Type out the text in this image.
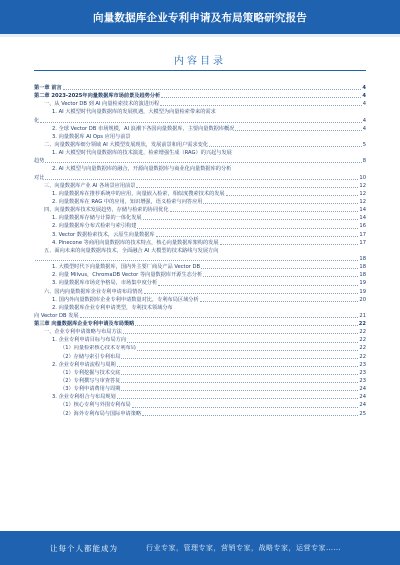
向量数据库企业专利申请及布局策略研究报告
内容目录
第一章 前言	4
第二章 2023-2025年向量数据库市场前景及趋势分析	4
一、从 Vector DB 到 AI 向量检索技术的演进历程	4
1. AI 大模型时代向量数据库的发展机遇，大模型为向量检索带来的需求
化	4
2. 全球 Vector DB 市场规模，AI 浪潮下各国向量数据库，主要向量数据库概况	4
3. 向量数据库 AI Ops 应用与前景
二、向量数据库细分领域 AI 大模型发展现状，发展前景和用户需求变化	5
1. AI 大模型时代向量数据库的技术演进，检索增强生成（RAG）的兴起与发展
趋势	8
2. AI 大模型与向量数据库的融合，开源向量数据库与商业化向量数据库的分析
对比	10
三、向量数据库产业 AI 各场景应用前景	12
1. 向量数据库在推荐系统中的应用，向量嵌入检索，相似度搜索技术的发展	12
2. 向量数据库在 RAG 中的应用，知识增强，语义检索与问答应用	12
四、向量数据库技术发展趋势，存储与检索的协同优化	14
1. 向量数据库存储与计算的一体化发展	14
2. 向量数据库分布式检索与索引构建	16
3. Vector 数据检索技术，云原生向量数据库	17
4. Pinecone 等商用向量数据库的技术特点，核心向量数据库架构的发展	17
五、面向未来的向量数据库技术，全面融合 AI 大模型的技术路线与发展方向
18
1. 大模型时代下向量数据库，国内外主要厂商及产品 Vector DB	18
2. 向量 Milvus，ChromaDB Vector 等向量数据库开源生态分析	18
3. 向量数据库市场竞争格局，市场集中度分析	19
六、国内向量数据库企业专利申请布局情况	19
1. 国内外向量数据库企业专利申请数量对比，专利布局区域分析	20
2. 向量数据库企业专利申请类型，专利技术领域分布
向 Vector DB 发展	21
第三章 向量数据库企业专利申请及布局策略	22
一、企业专利申请策略与布局方法	22
1. 企业专利申请目标与布局方向	22
（1）向量检索核心技术专利布局	22
（2）存储与索引专利布局	22
2. 企业专利申请流程与周期	23
（1）专利挖掘与技术交底	23
（2）专利撰写与审查答复	23
（3）专利申请费用与周期	24
3. 企业专利组合与布局规划	24
（1）核心专利与外围专利布局	24
（2）海外专利布局与国际申请策略	25
让每个人都能成为	行业专家，管理专家，营销专家，战略专家，运营专家……
